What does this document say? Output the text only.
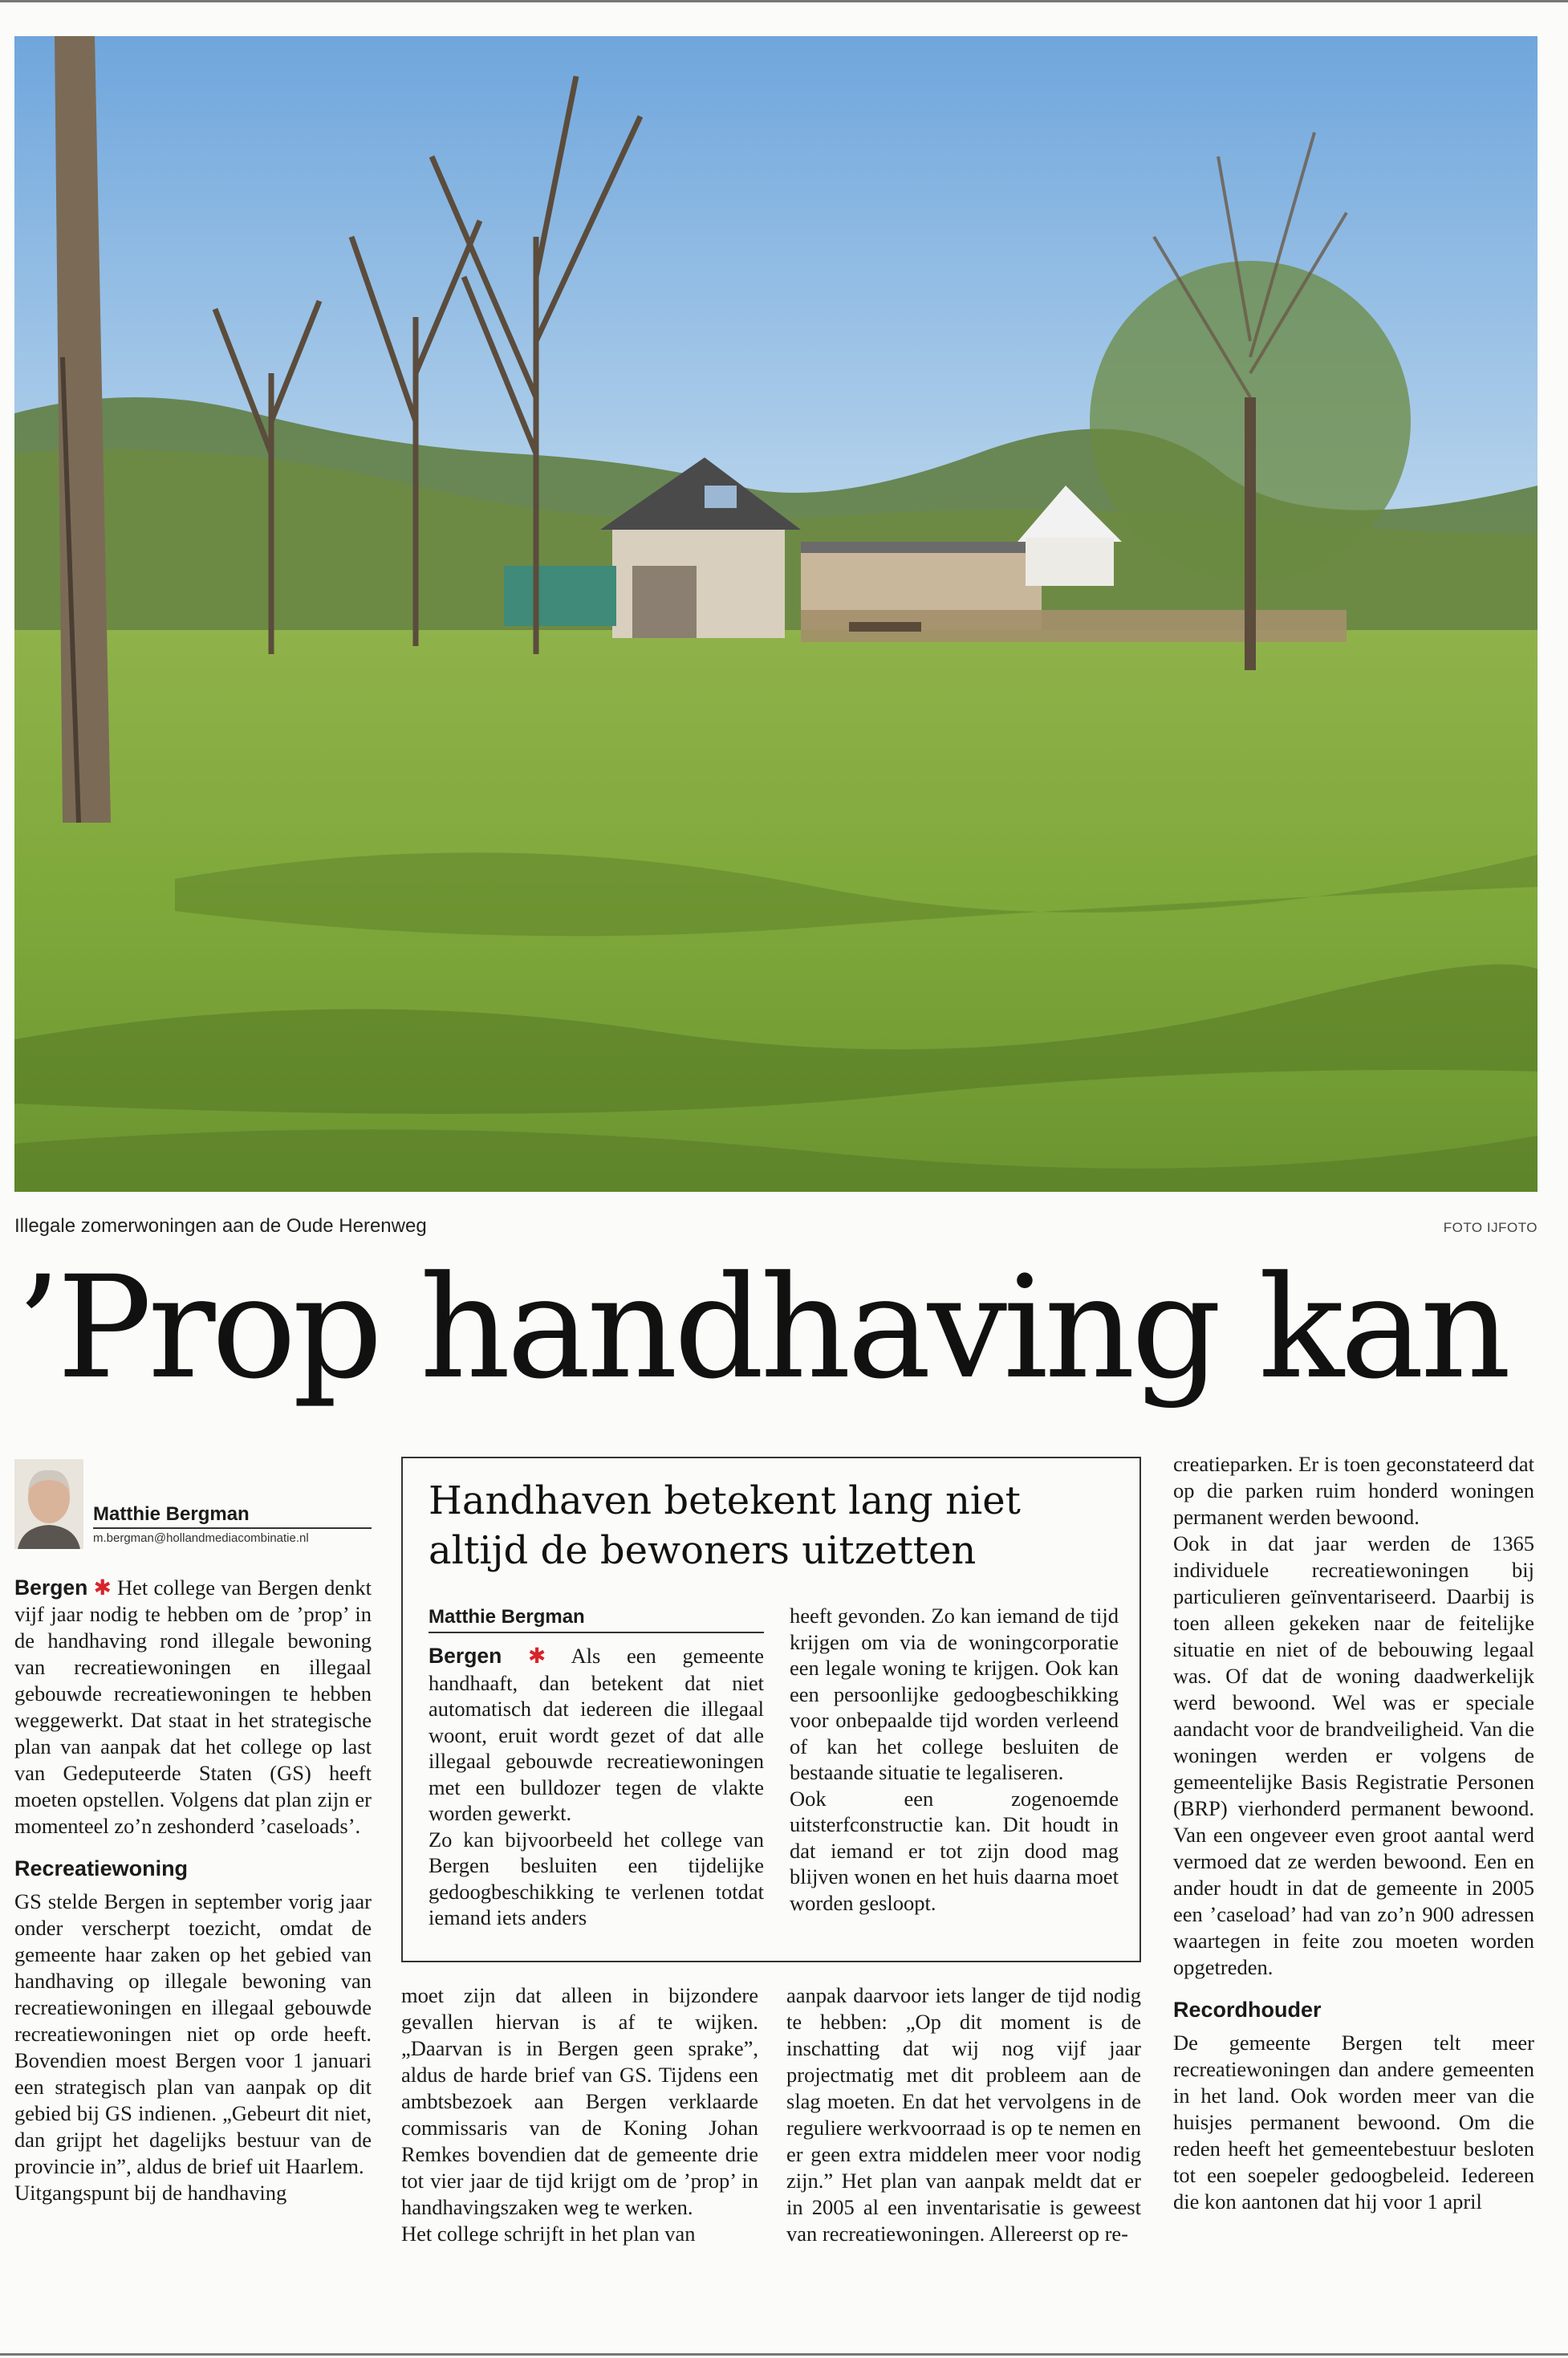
Illegale zomerwoningen aan de Oude Herenweg	FOTO IJFOTO
’Prop handhaving kan
Matthie Bergman
m.bergman@hollandmediacombinatie.nl

Bergen ✱ Het college van Bergen denkt vijf jaar nodig te hebben om de ’prop’ in de handhaving rond illegale bewoning van recreatiewoningen en illegaal gebouwde recreatiewoningen te hebben weggewerkt. Dat staat in het strategische plan van aanpak dat het college op last van Gedeputeerde Staten (GS) heeft moeten opstellen. Volgens dat plan zijn er momenteel zo’n zeshonderd ’caseloads’.

Recreatiewoning

GS stelde Bergen in september vorig jaar onder verscherpt toezicht, omdat de gemeente haar zaken op het gebied van handhaving op illegale bewoning van recreatiewoningen en illegaal gebouwde recreatiewoningen niet op orde heeft. Bovendien moest Bergen voor 1 januari een strategisch plan van aanpak op dit gebied bij GS indienen. „Gebeurt dit niet, dan grijpt het dagelijks bestuur van de provincie in”, aldus de brief uit Haarlem.

Uitgangspunt bij de handhaving

Handhaven betekent lang niet altijd de bewoners uitzetten
Matthie Bergman

Bergen ✱ Als een gemeente handhaaft, dan betekent dat niet automatisch dat iedereen die illegaal woont, eruit wordt gezet of dat alle illegaal gebouwde recreatiewoningen met een bulldozer tegen de vlakte worden gewerkt.

Zo kan bijvoorbeeld het college van Bergen besluiten een tijdelijke gedoogbeschikking te verlenen totdat iemand iets anders

heeft gevonden. Zo kan iemand de tijd krijgen om via de woningcorporatie een legale woning te krijgen. Ook kan een persoonlijke gedoogbeschikking voor onbepaalde tijd worden verleend of kan het college besluiten de bestaande situatie te legaliseren.

Ook een zogenoemde uitsterfconstructie kan. Dit houdt in dat iemand er tot zijn dood mag blijven wonen en het huis daarna moet worden gesloopt.

moet zijn dat alleen in bijzondere gevallen hiervan is af te wijken. „Daarvan is in Bergen geen sprake”, aldus de harde brief van GS. Tijdens een ambtsbezoek aan Bergen verklaarde commissaris van de Koning Johan Remkes bovendien dat de gemeente drie tot vier jaar de tijd krijgt om de ’prop’ in handhavingszaken weg te werken.

Het college schrijft in het plan van

aanpak daarvoor iets langer de tijd nodig te hebben: „Op dit moment is de inschatting dat wij nog vijf jaar projectmatig met dit probleem aan de slag moeten. En dat het vervolgens in de reguliere werkvoorraad is op te nemen en er geen extra middelen meer voor nodig zijn.” Het plan van aanpak meldt dat er in 2005 al een inventarisatie is geweest van recreatiewoningen. Allereerst op re-

creatieparken. Er is toen geconstateerd dat op die parken ruim honderd woningen permanent werden bewoond.

Ook in dat jaar werden de 1365 individuele recreatiewoningen bij particulieren geïnventariseerd. Daarbij is toen alleen gekeken naar de feitelijke situatie en niet of de bebouwing legaal was. Of dat de woning daadwerkelijk werd bewoond. Wel was er speciale aandacht voor de brandveiligheid. Van die woningen werden er volgens de gemeentelijke Basis Registratie Personen (BRP) vierhonderd permanent bewoond. Van een ongeveer even groot aantal werd vermoed dat ze werden bewoond. Een en ander houdt in dat de gemeente in 2005 een ’caseload’ had van zo’n 900 adressen waartegen in feite zou moeten worden opgetreden.

Recordhouder

De gemeente Bergen telt meer recreatiewoningen dan andere gemeenten in het land. Ook worden meer van die huisjes permanent bewoond. Om die reden heeft het gemeentebestuur besloten tot een soepeler gedoogbeleid. Iedereen die kon aantonen dat hij voor 1 april
